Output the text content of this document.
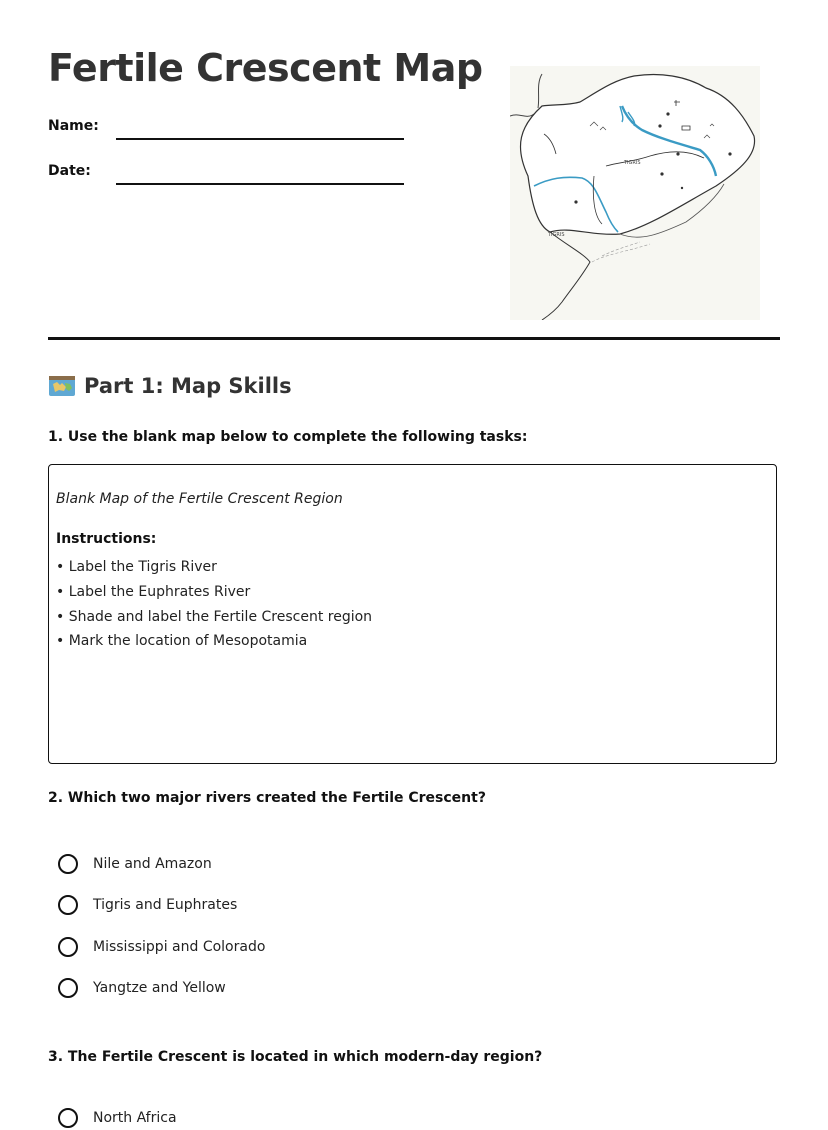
Fertile Crescent Map
Name:
Date:	TIGRIS
TIGRIS
Part 1: Map Skills
1. Use the blank map below to complete the following tasks:
Blank Map of the Fertile Crescent Region
Instructions:
• Label the Tigris River
• Label the Euphrates River
• Shade and label the Fertile Crescent region
• Mark the location of Mesopotamia
2. Which two major rivers created the Fertile Crescent?
Nile and Amazon
Tigris and Euphrates
Mississippi and Colorado
Yangtze and Yellow
3. The Fertile Crescent is located in which modern-day region?
North Africa
